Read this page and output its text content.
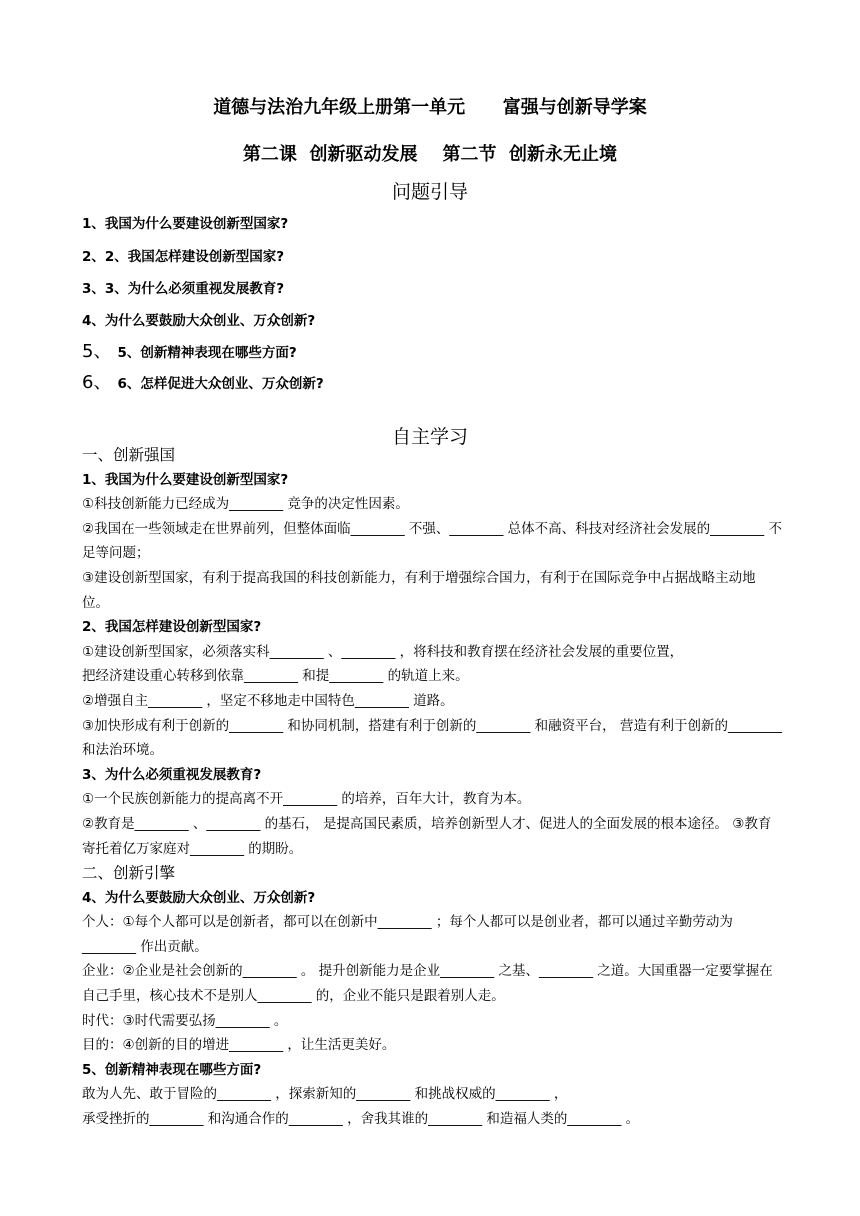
道德与法治九年级上册第一单元      富强与创新导学案
第二课  创新驱动发展    第二节  创新永无止境
问题引导
1、我国为什么要建设创新型国家?
2、2、我国怎样建设创新型国家?
3、3、为什么必须重视发展教育?
4、为什么要鼓励大众创业、万众创新?
5、 5、创新精神表现在哪些方面?
6、 6、怎样促进大众创业、万众创新?
自主学习

一、创新强国

1、我国为什么要建设创新型国家?

①科技创新能力已经成为________ 竞争的决定性因素。

②我国在一些领域走在世界前列，但整体面临________ 不强、________ 总体不高、科技对经济社会发展的________ 不足等问题；

③建设创新型国家，有利于提高我国的科技创新能力，有利于增强综合国力，有利于在国际竞争中占据战略主动地位。

2、我国怎样建设创新型国家?

①建设创新型国家，必须落实科________ 、________ ，将科技和教育摆在经济社会发展的重要位置，

把经济建设重心转移到依靠________ 和提________ 的轨道上来。

②增强自主________ ，坚定不移地走中国特色________ 道路。

③加快形成有利于创新的________ 和协同机制，搭建有利于创新的________ 和融资平台， 营造有利于创新的________ 和法治环境。

3、为什么必须重视发展教育?

①一个民族创新能力的提高离不开________ 的培养，百年大计，教育为本。

②教育是________ 、________ 的基石， 是提高国民素质，培养创新型人才、促进人的全面发展的根本途径。 ③教育寄托着亿万家庭对________ 的期盼。

二、创新引擎

4、为什么要鼓励大众创业、万众创新?

个人：①每个人都可以是创新者，都可以在创新中________ ；每个人都可以是创业者，都可以通过辛勤劳动为________ 作出贡献。

企业：②企业是社会创新的________ 。 提升创新能力是企业________ 之基、________ 之道。大国重器一定要掌握在自己手里，核心技术不是别人________ 的，企业不能只是跟着别人走。

时代：③时代需要弘扬________ 。

目的：④创新的目的增进________ ，让生活更美好。

5、创新精神表现在哪些方面?

敢为人先、敢于冒险的________ ，探索新知的________ 和挑战权威的________ ，

承受挫折的________ 和沟通合作的________ ，舍我其谁的________ 和造福人类的________ 。
